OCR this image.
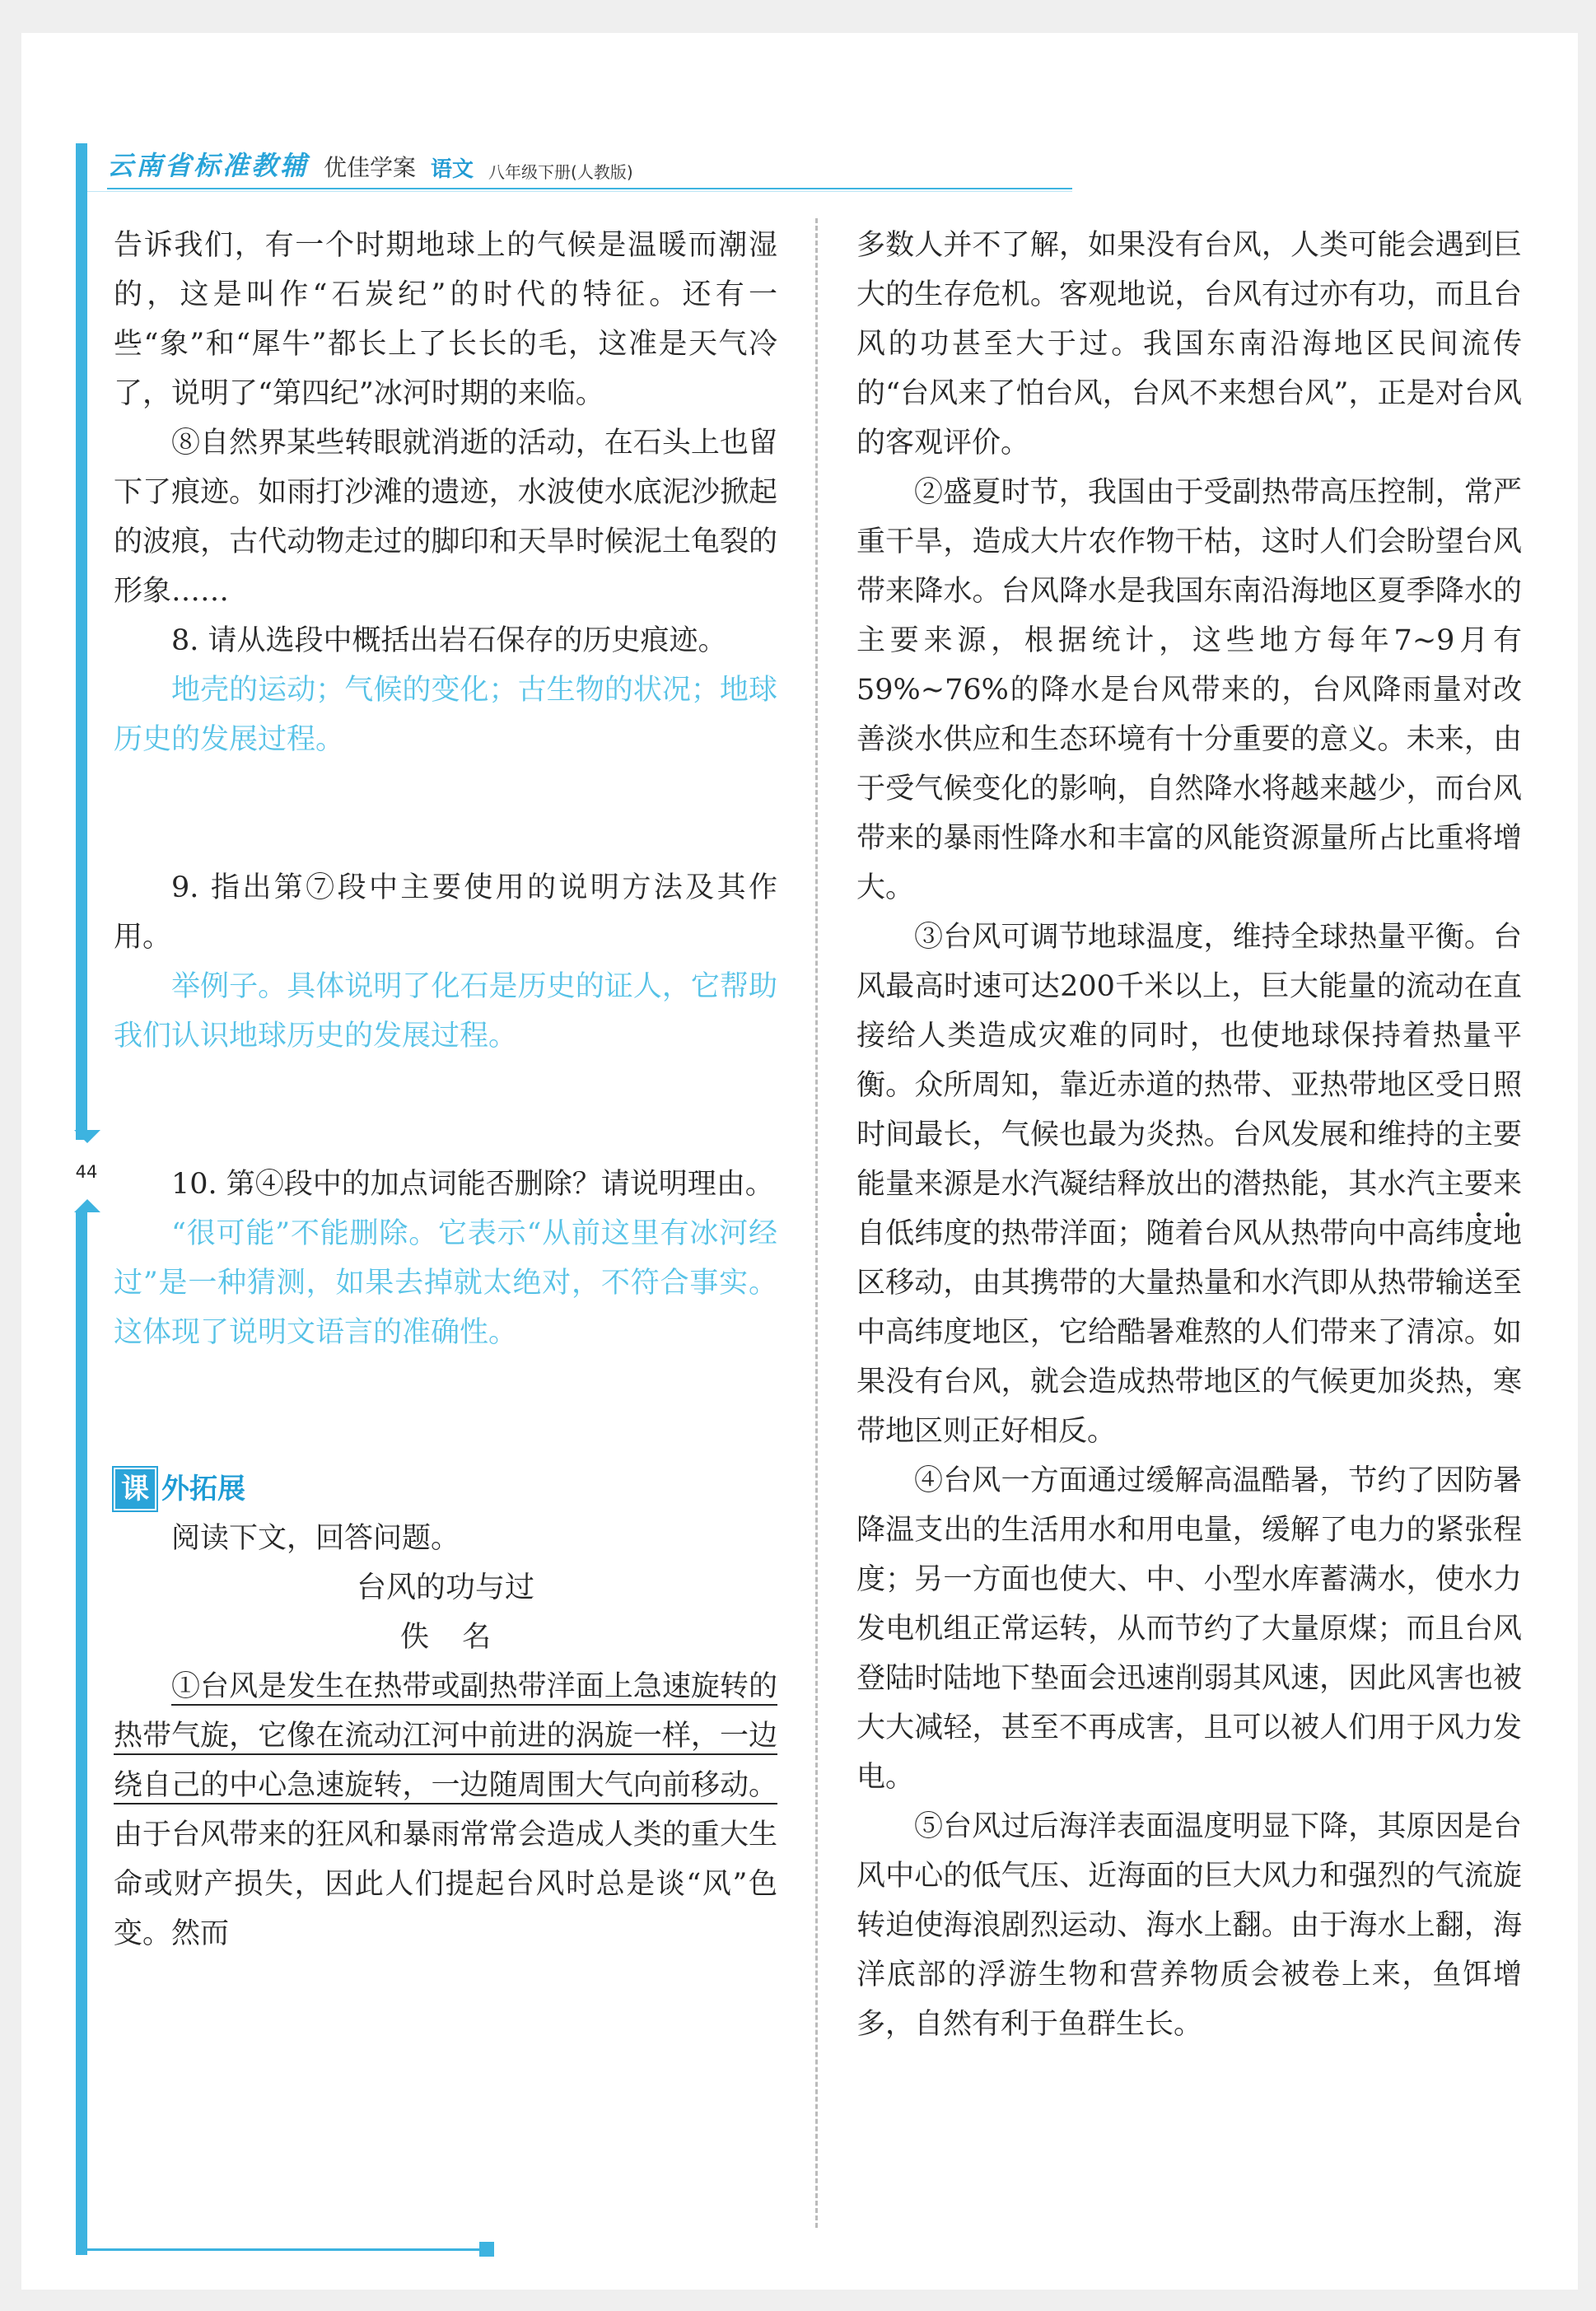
44
云南省标准教辅 优佳学案 语文 八年级下册(人教版)

告诉我们，有一个时期地球上的气候是温暖而潮湿的，这是叫作“石炭纪”的时代的特征。还有一些“象”和“犀牛”都长上了长长的毛，这准是天气冷了，说明了“第四纪”冰河时期的来临。

⑧自然界某些转眼就消逝的活动，在石头上也留下了痕迹。如雨打沙滩的遗迹，水波使水底泥沙掀起的波痕，古代动物走过的脚印和天旱时候泥土龟裂的形象……

8. 请从选段中概括出岩石保存的历史痕迹。

地壳的运动；气候的变化；古生物的状况；地球历史的发展过程。

9. 指出第⑦段中主要使用的说明方法及其作用。

举例子。具体说明了化石是历史的证人，它帮助我们认识地球历史的发展过程。

10. 第④段中的加点词能否删除？请说明理由。

“很可能”不能删除。它表示“从前这里有冰河经过”是一种猜测，如果去掉就太绝对，不符合事实。这体现了说明文语言的准确性。

课 外拓展

阅读下文，回答问题。

台风的功与过

佚名

①台风是发生在热带或副热带洋面上急速旋转的热带气旋，它像在流动江河中前进的涡旋一样，一边绕自己的中心急速旋转，一边随周围大气向前移动。由于台风带来的狂风和暴雨常常会造成人类的重大生命或财产损失，因此人们提起台风时总是谈“风”色变。然而

多数人并不了解，如果没有台风，人类可能会遇到巨大的生存危机。客观地说，台风有过亦有功，而且台风的功甚至大于过。我国东南沿海地区民间流传的“台风来了怕台风，台风不来想台风”，正是对台风的客观评价。

②盛夏时节，我国由于受副热带高压控制，常严重干旱，造成大片农作物干枯，这时人们会盼望台风带来降水。台风降水是我国东南沿海地区夏季降水的主要来源，根据统计，这些地方每年7~9月有59%~76%的降水是台风带来的，台风降雨量对改善淡水供应和生态环境有十分重要的意义。未来，由于受气候变化的影响，自然降水将越来越少，而台风带来的暴雨性降水和丰富的风能资源量所占比重将增大。

③台风可调节地球温度，维持全球热量平衡。台风最高时速可达200千米以上，巨大能量的流动在直接给人类造成灾难的同时，也使地球保持着热量平衡。众所周知，靠近赤道的热带、亚热带地区受日照时间最长，气候也最为炎热。台风发展和维持的主要能量来源是水汽凝结释放出的潜热能，其水汽主要来自低纬度的热带洋面；随着台风从热带向中高纬度地区移动，由其携带的大量热量和水汽即从热带输送至中高纬度地区，它给酷暑难熬的人们带来了清凉。如果没有台风，就会造成热带地区的气候更加炎热，寒带地区则正好相反。

④台风一方面通过缓解高温酷暑，节约了因防暑降温支出的生活用水和用电量，缓解了电力的紧张程度；另一方面也使大、中、小型水库蓄满水，使水力发电机组正常运转，从而节约了大量原煤；而且台风登陆时陆地下垫面会迅速削弱其风速，因此风害也被大大减轻，甚至不再成害，且可以被人们用于风力发电。

⑤台风过后海洋表面温度明显下降，其原因是台风中心的低气压、近海面的巨大风力和强烈的气流旋转迫使海浪剧烈运动、海水上翻。由于海水上翻，海洋底部的浮游生物和营养物质会被卷上来，鱼饵增多，自然有利于鱼群生长。
